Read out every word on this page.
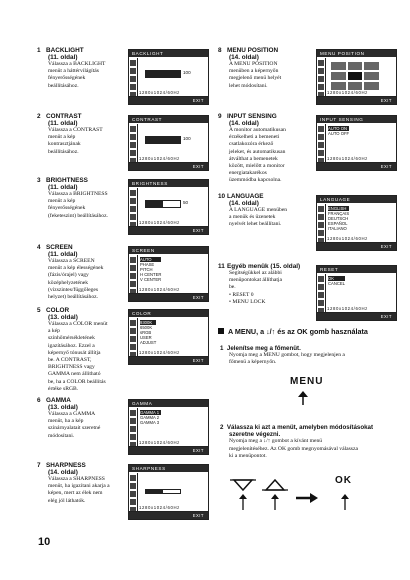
A MENU, a ↓/↑ és az OK gomb használata
1 Jelenítse meg a főmenüt.
Nyomja meg a MENU gombot, hogy megjelenjen a
főmenü a képernyőn.
MENU
2 Válassza ki azt a menüt, amelyben módosításokat
szeretne végezni.
Nyomja meg a ↓/↑ gombot a kívánt menü
megjelenítéséhez. Az OK gomb megnyomásával válassza
ki a menüpontot.
OK
10
1 BACKLIGHT
(11. oldal)
Válassza a BACKLIGHT
menüt a háttérvilágítás
fényerősségének
beállításához.
BACKLIGHT
100
1280x1024/60Hz
EXIT
2 CONTRAST
(11. oldal)
Válassza a CONTRAST
menüt a kép
kontrasztjának
beállításához.
CONTRAST
100
1280x1024/60Hz
EXIT
3 BRIGHTNESS
(11. oldal)
Válassza a BRIGHTNESS
menüt a kép
fényerősségének
(feketeszint) beállításához.
BRIGHTNESS
50
1280x1024/60Hz
EXIT
4 SCREEN
(11. oldal)
Válassza a SCREEN
menüt a kép élességének
(fázis/órajel) vagy
középhelyzetének
(vízszintes/függőleges
helyzet) beállításához.
SCREEN
AUTO
PHASE
PITCH
H CENTER
V CENTER
1280x1024/60Hz
EXIT
5 COLOR
(13. oldal)
Válassza a COLOR menüt
a kép
színhőmérsékletének
igazításához. Ezzel a
képernyő tónusát állítja
be. A CONTRAST,
BRIGHTNESS vagy
GAMMA nem állítható
be, ha a COLOR beállítás
értéke sRGB.
COLOR
9300K
6500K
sRGB
USER
ADJUST
1280x1024/60Hz
EXIT
6 GAMMA
(13. oldal)
Válassza a GAMMA
menüt, ha a kép
színárnyalatait szeretné
módosítani.
GAMMA
GAMMA 1
GAMMA 2
GAMMA 3
1280x1024/60Hz
EXIT
7 SHARPNESS
(14. oldal)
Válassza a SHARPNESS
menüt, ha igazítani akarja a
képen, mert az élek nem
elég jól láthatók.
SHARPNESS
1280x1024/60Hz
EXIT
8 MENU POSITION
(14. oldal)
A MENU POSITION
menüben a képernyőn
megjelenő menü helyét
lehet módosítani.
MENU POSITION
1280x1024/60Hz
EXIT
9 INPUT SENSING
(14. oldal)
A monitor automatikusan
érzékelheti a bemeneti
csatlakozóra érkező
jeleket, és automatikusan
átválthat a bemenetek
között, mielőtt a monitor
energiatakarékos
üzemmódba kapcsolna.
INPUT SENSING
AUTO ON
AUTO OFF
1280x1024/60Hz
EXIT
10 LANGUAGE
(14. oldal)
A LANGUAGE menüben
a menük és üzenetek
nyelvét lehet beállítani.
LANGUAGE
ENGLISH
FRANÇAIS
DEUTSCH
ESPAÑOL
ITALIANO
1280x1024/60Hz
EXIT
11 Egyéb menük (15. oldal)
Segítségükkel az alábbi
menüpontokat állíthatja
be.
• RESET 0
• MENU LOCK
RESET
OK
CANCEL
1280x1024/60Hz
EXIT
